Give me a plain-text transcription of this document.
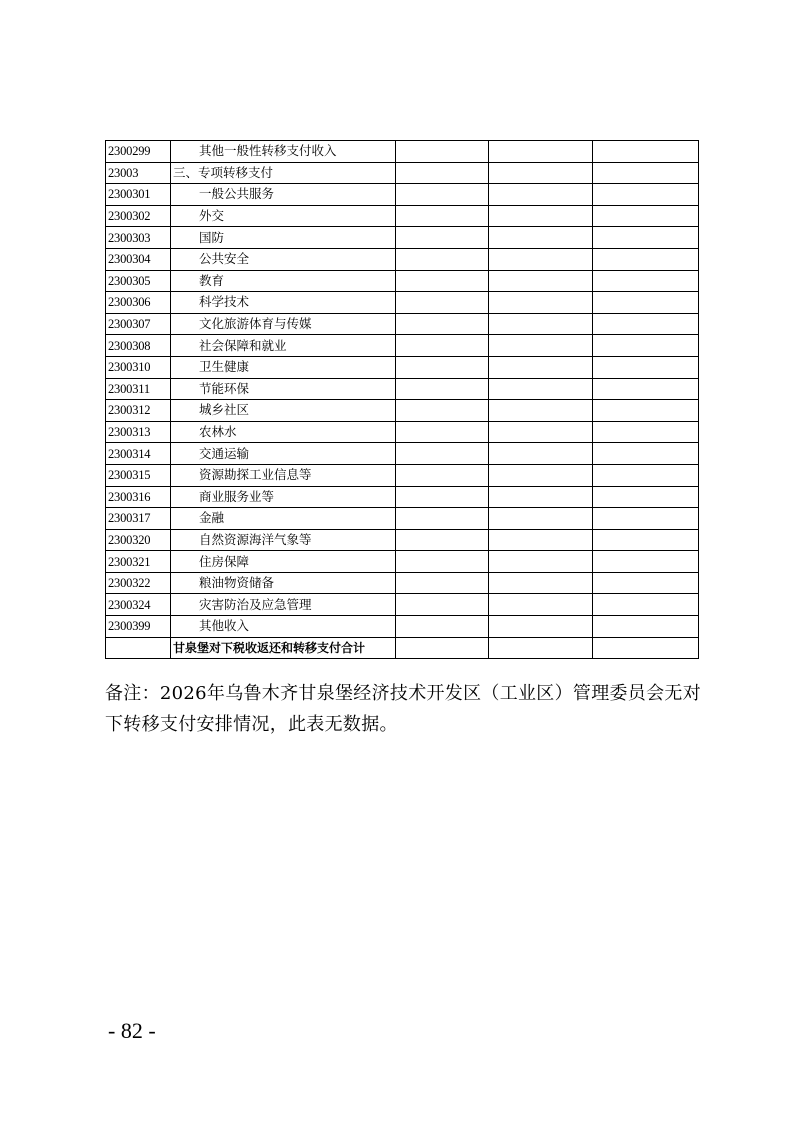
2300299	其他一般性转移支付收入			
23003	三、专项转移支付			
2300301	一般公共服务			
2300302	外交			
2300303	国防			
2300304	公共安全			
2300305	教育			
2300306	科学技术			
2300307	文化旅游体育与传媒			
2300308	社会保障和就业			
2300310	卫生健康			
2300311	节能环保			
2300312	城乡社区			
2300313	农林水			
2300314	交通运输			
2300315	资源勘探工业信息等			
2300316	商业服务业等			
2300317	金融			
2300320	自然资源海洋气象等			
2300321	住房保障			
2300322	粮油物资储备			
2300324	灾害防治及应急管理			
2300399	其他收入			
	甘泉堡对下税收返还和转移支付合计			
备注：2026年乌鲁木齐甘泉堡经济技术开发区（工业区）管理委员会无对下转移支付安排情况，此表无数据。
- 82 -
